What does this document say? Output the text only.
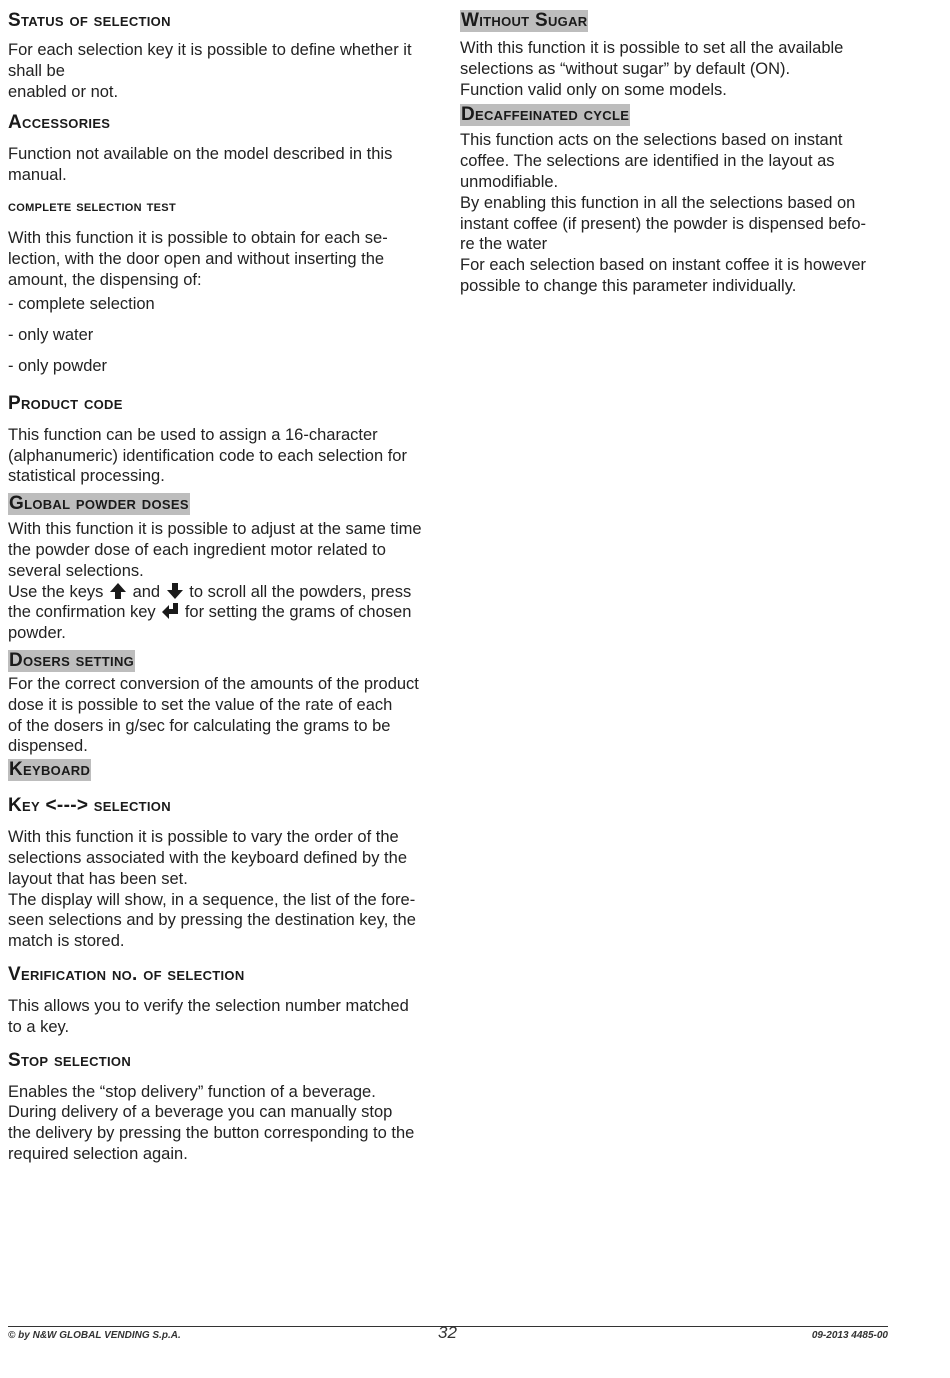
Status of selection

For each selection key it is possible to define whether it shall be
enabled or not.

Accessories

Function not available on the model described in this
manual.

complete selection test

With this function it is possible to obtain for each se-
lection, with the door open and without inserting the
amount, the dispensing of:

- complete selection

- only water

- only powder

Product code

This function can be used to assign a 16-character
(alphanumeric) identification code to each selection for
statistical processing.

Global powder doses

With this function it is possible to adjust at the same time
the powder dose of each ingredient motor related to
several selections.
Use the keys and to scroll all the powders, press
the confirmation key for setting the grams of chosen
powder.

Dosers setting

For the correct conversion of the amounts of the product
dose it is possible to set the value of the rate of each
of the dosers in g/sec for calculating the grams to be
dispensed.

Keyboard
Key <---> selection

With this function it is possible to vary the order of the
selections associated with the keyboard defined by the
layout that has been set.
The display will show, in a sequence, the list of the fore-
seen selections and by pressing the destination key, the
match is stored.

Verification no. of selection

This allows you to verify the selection number matched
to a key.

Stop selection

Enables the “stop delivery” function of a beverage.
During delivery of a beverage you can manually stop
the delivery by pressing the button corresponding to the
required selection again.

Without Sugar

With this function it is possible to set all the available
selections as “without sugar” by default (ON).
Function valid only on some models.

Decaffeinated cycle

This function acts on the selections based on instant
coffee. The selections are identified in the layout as
unmodifiable.
By enabling this function in all the selections based on
instant coffee (if present) the powder is dispensed befo-
re the water
For each selection based on instant coffee it is however
possible to change this parameter individually.

© by N&W GLOBAL VENDING S.p.A.	32	09-2013 4485-00
